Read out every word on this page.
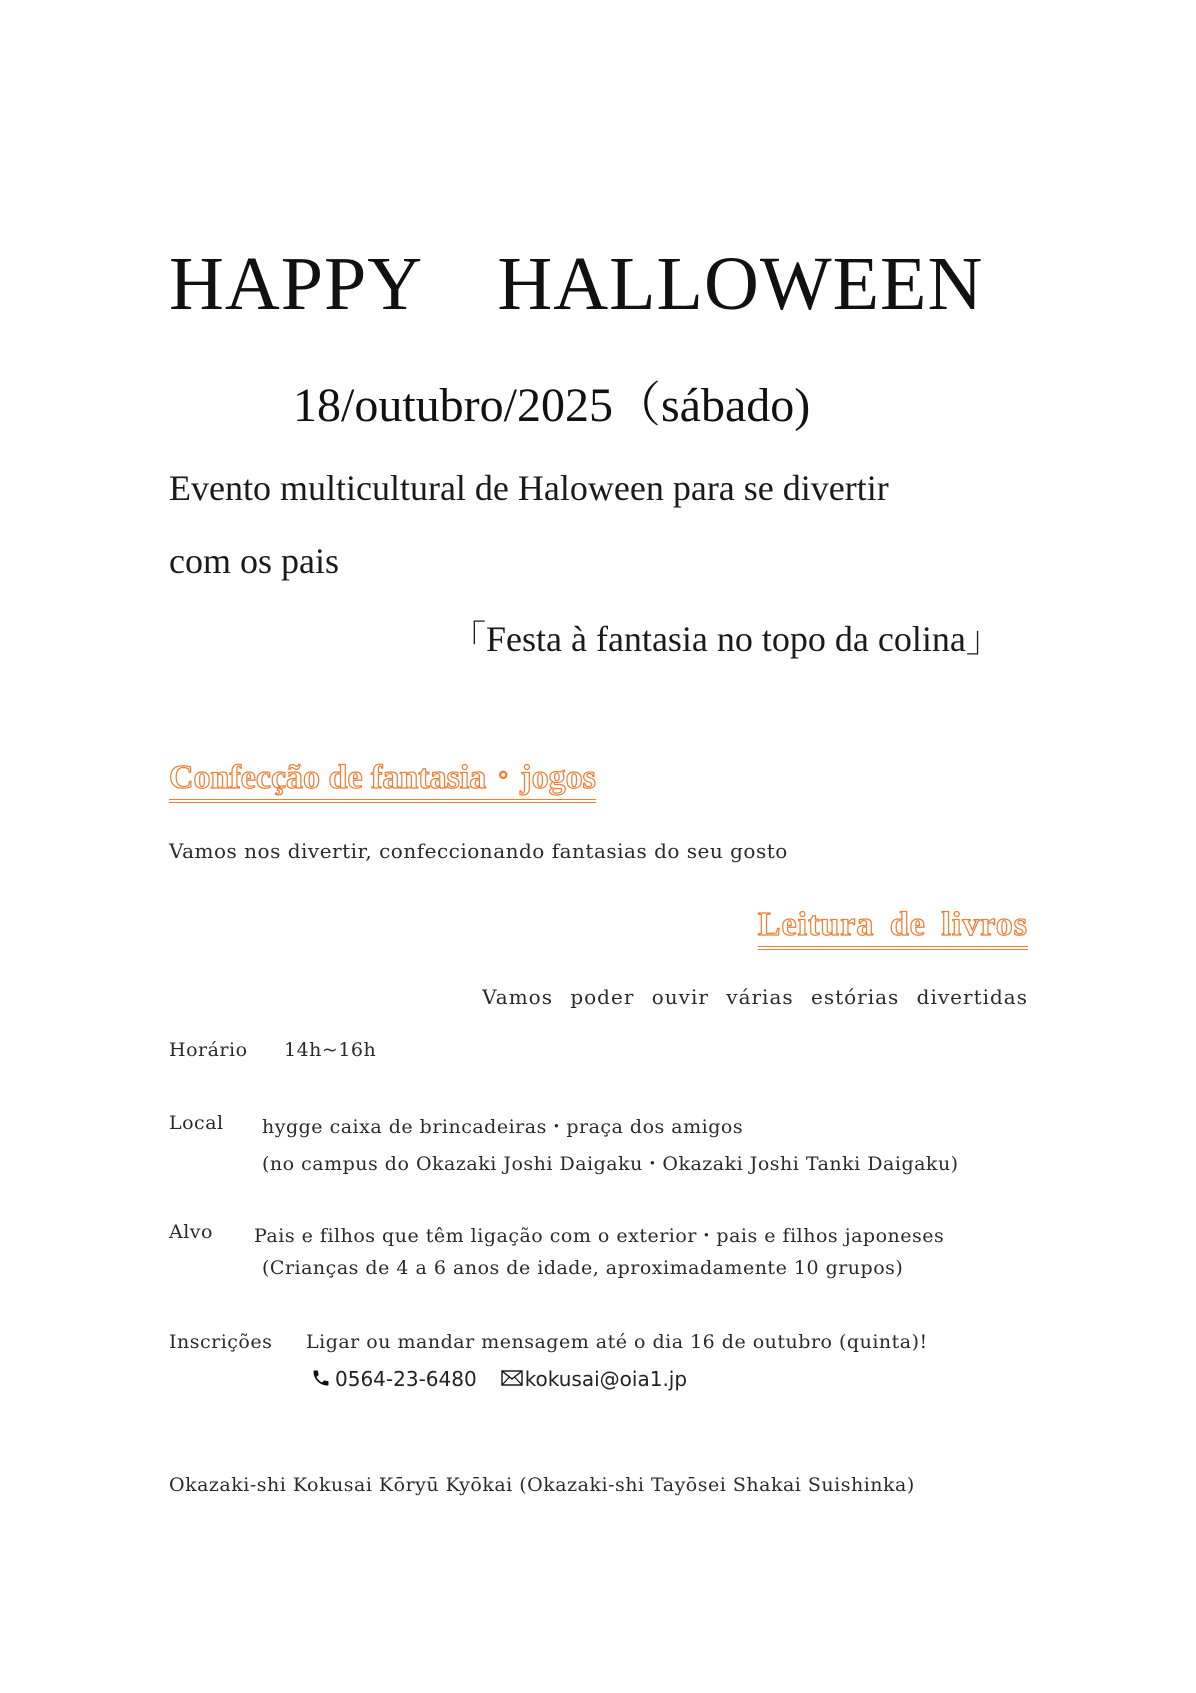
HAPPY　HALLOWEEN
18/outubro/2025（sábado)
Evento multicultural de Haloween para se divertir
com os pais
「Festa à fantasia no topo da colina」
Confecção de fantasia・jogos
Vamos nos divertir, confeccionando fantasias do seu gosto
Leitura de livros
Vamos poder ouvir várias estórias divertidas
Horário 14h~16h
Local hygge caixa de brincadeiras・praça dos amigos
(no campus do Okazaki Joshi Daigaku・Okazaki Joshi Tanki Daigaku)
Alvo Pais e filhos que têm ligação com o exterior・pais e filhos japoneses
(Crianças de 4 a 6 anos de idade, aproximadamente 10 grupos)
Inscrições Ligar ou mandar mensagem até o dia 16 de outubro (quinta)!
0564-23-6480 kokusai@oia1.jp
Okazaki-shi Kokusai Kōryū Kyōkai (Okazaki-shi Tayōsei Shakai Suishinka)
